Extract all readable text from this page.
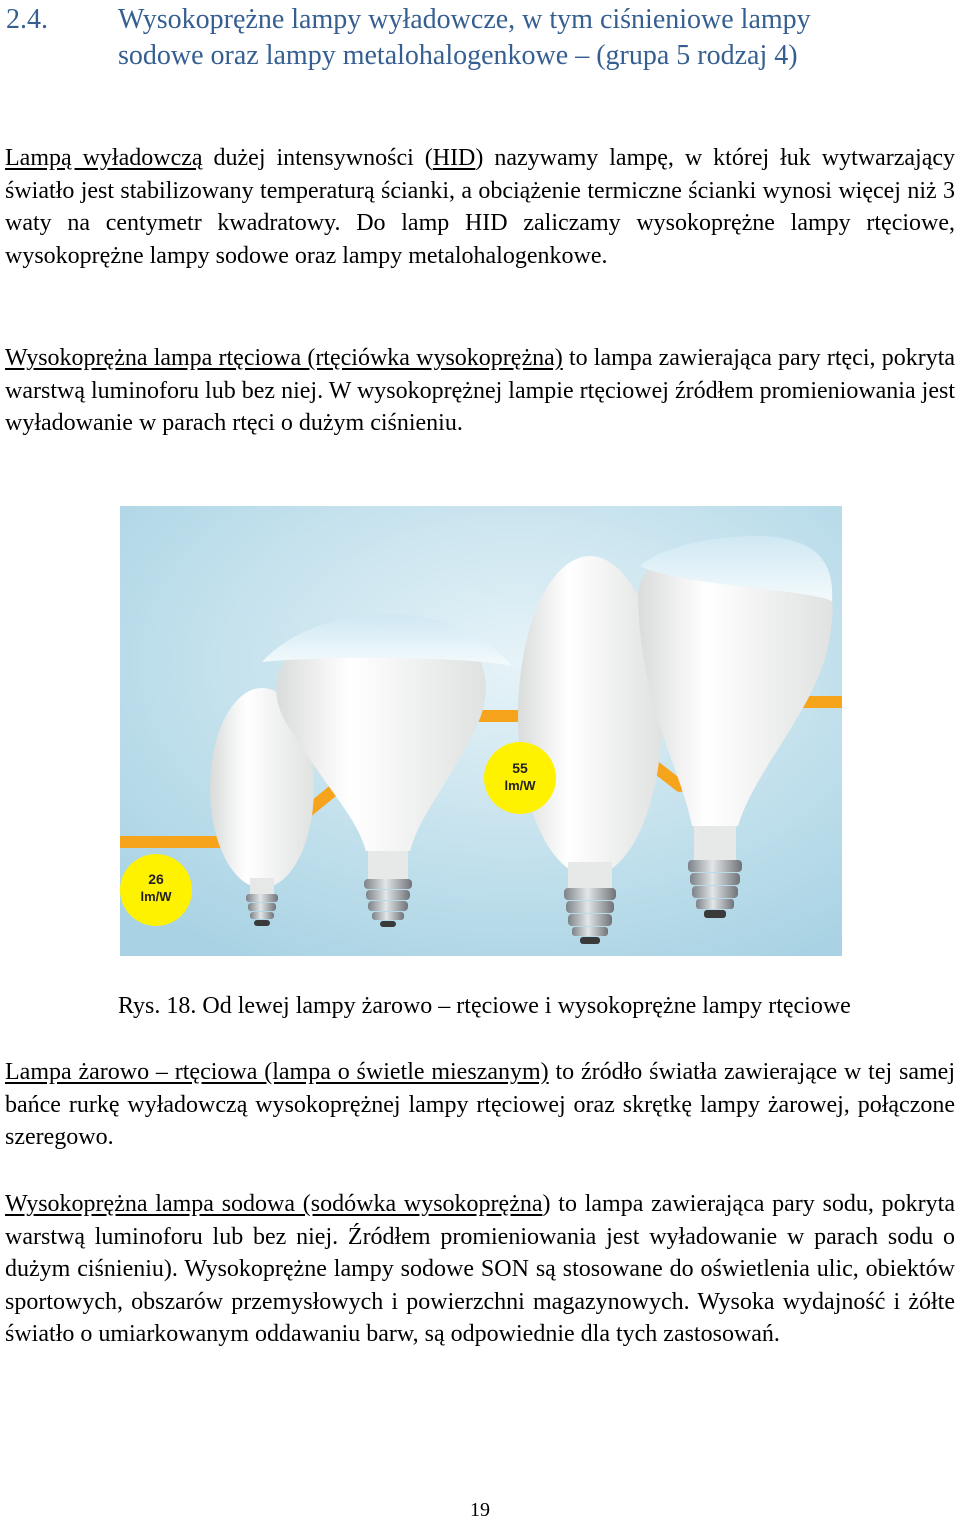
2.4.	Wysokoprężne lampy wyładowcze, w tym ciśnieniowe lampy
sodowe oraz lampy metalohalogenkowe – (grupa 5 rodzaj 4)

Lampą wyładowczą dużej intensywności (HID) nazywamy lampę, w której łuk wytwarzający światło jest stabilizowany temperaturą ścianki, a obciążenie termiczne ścianki wynosi więcej niż 3 waty na centymetr kwadratowy. Do lamp HID zaliczamy wysokoprężne lampy rtęciowe, wysokoprężne lampy sodowe oraz lampy metalohalogenkowe.

Wysokoprężna lampa rtęciowa (rtęciówka wysokoprężna) to lampa zawierająca pary rtęci, pokryta warstwą luminoforu lub bez niej. W wysokoprężnej lampie rtęciowej źródłem promieniowania jest wyładowanie w parach rtęci o dużym ciśnieniu.

26
lm/W
55
lm/W
Rys. 18. Od lewej lampy żarowo – rtęciowe i wysokoprężne lampy rtęciowe

Lampa żarowo – rtęciowa (lampa o świetle mieszanym) to źródło światła zawierające w tej samej bańce rurkę wyładowczą wysokoprężnej lampy rtęciowej oraz skrętkę lampy żarowej, połączone szeregowo.

Wysokoprężna lampa sodowa (sodówka wysokoprężna) to lampa zawierająca pary sodu, pokryta warstwą luminoforu lub bez niej. Źródłem promieniowania jest wyładowanie w parach sodu o dużym ciśnieniu). Wysokoprężne lampy sodowe SON są stosowane do oświetlenia ulic, obiektów sportowych, obszarów przemysłowych i powierzchni magazynowych. Wysoka wydajność i żółte światło o umiarkowanym oddawaniu barw, są odpowiednie dla tych zastosowań.

19
